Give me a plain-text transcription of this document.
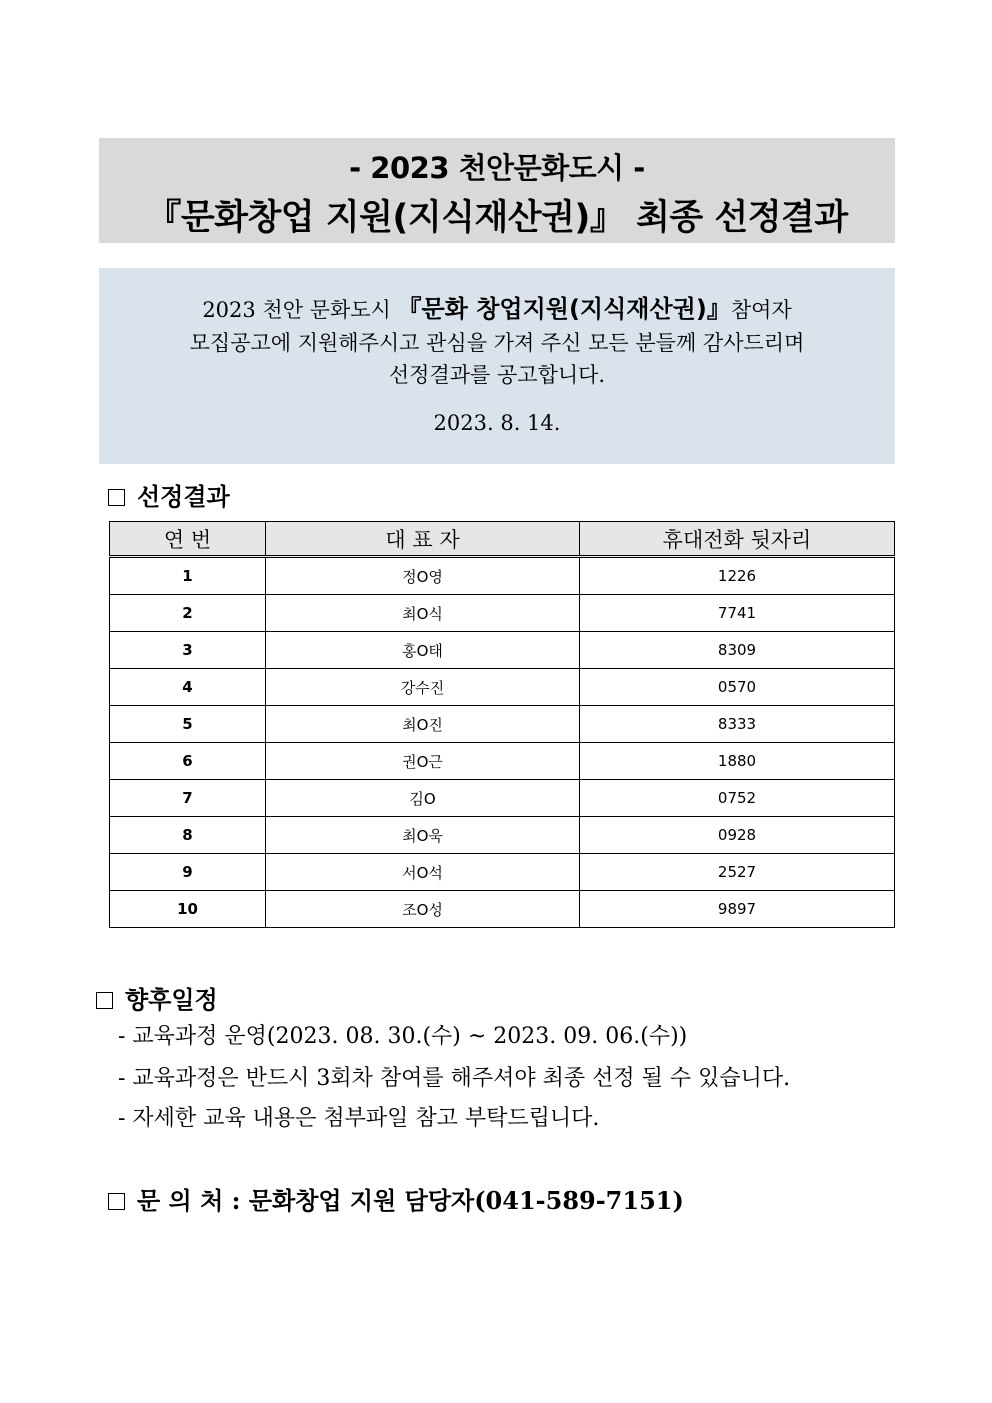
- 2023 천안문화도시 -
『문화창업 지원(지식재산권)』 최종 선정결과
2023 천안 문화도시 『문화 창업지원(지식재산권)』참여자
모집공고에 지원해주시고 관심을 가져 주신 모든 분들께 감사드리며
선정결과를 공고합니다.
2023. 8. 14.
선정결과
연 번	대 표 자	휴대전화 뒷자리
1	정O영	1226
2	최O식	7741
3	홍O태	8309
4	강수진	0570
5	최O진	8333
6	권O근	1880
7	김O	0752
8	최O욱	0928
9	서O석	2527
10	조O성	9897
향후일정
- 교육과정 운영(2023. 08. 30.(수) ~ 2023. 09. 06.(수))
- 교육과정은 반드시 3회차 참여를 해주셔야 최종 선정 될 수 있습니다.
- 자세한 교육 내용은 첨부파일 참고 부탁드립니다.
문 의 처 : 문화창업 지원 담당자(041-589-7151)
